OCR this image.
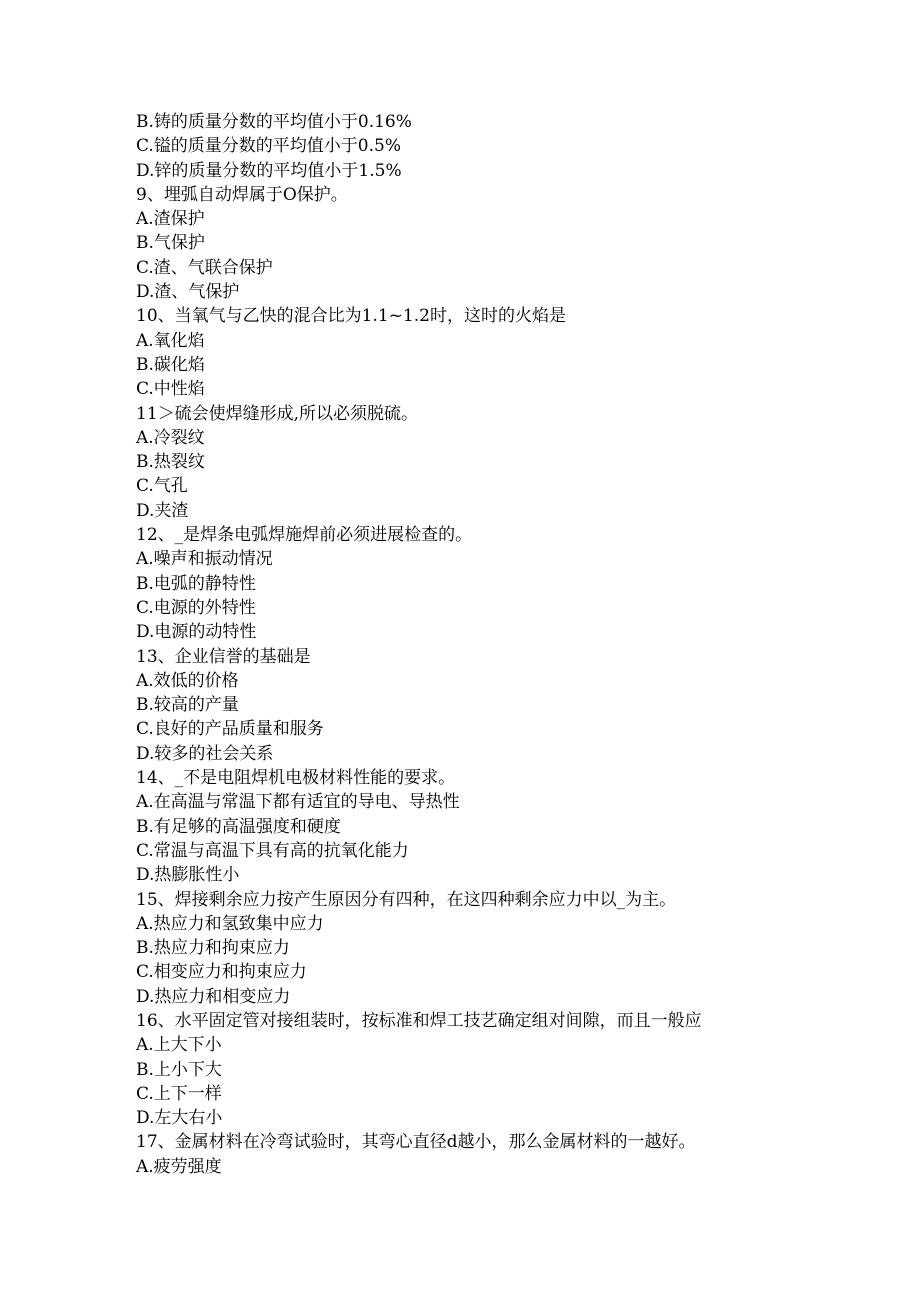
B.铸的质量分数的平均值小于0.16%
C.镒的质量分数的平均值小于0.5%
D.锌的质量分数的平均值小于1.5%
9、埋弧自动焊属于O保护。
A.渣保护
B.气保护
C.渣、气联合保护
D.渣、气保护
10、当氧气与乙快的混合比为1.1~1.2时，这时的火焰是
A.氧化焰
B.碳化焰
C.中性焰
11＞硫会使焊缝形成,所以必须脱硫。
A.冷裂纹
B.热裂纹
C.气孔
D.夹渣
12、_是焊条电弧焊施焊前必须进展检查的。
A.噪声和振动情况
B.电弧的静特性
C.电源的外特性
D.电源的动特性
13、企业信誉的基础是
A.效低的价格
B.较高的产量
C.良好的产品质量和服务
D.较多的社会关系
14、_不是电阻焊机电极材料性能的要求。
A.在高温与常温下都有适宜的导电、导热性
B.有足够的高温强度和硬度
C.常温与高温下具有高的抗氧化能力
D.热膨胀性小
15、焊接剩余应力按产生原因分有四种，在这四种剩余应力中以_为主。
A.热应力和氢致集中应力
B.热应力和拘束应力
C.相变应力和拘束应力
D.热应力和相变应力
16、水平固定管对接组装时，按标准和焊工技艺确定组对间隙，而且一般应
A.上大下小
B.上小下大
C.上下一样
D.左大右小
17、金属材料在冷弯试验时，其弯心直径d越小，那么金属材料的一越好。
A.疲劳强度
